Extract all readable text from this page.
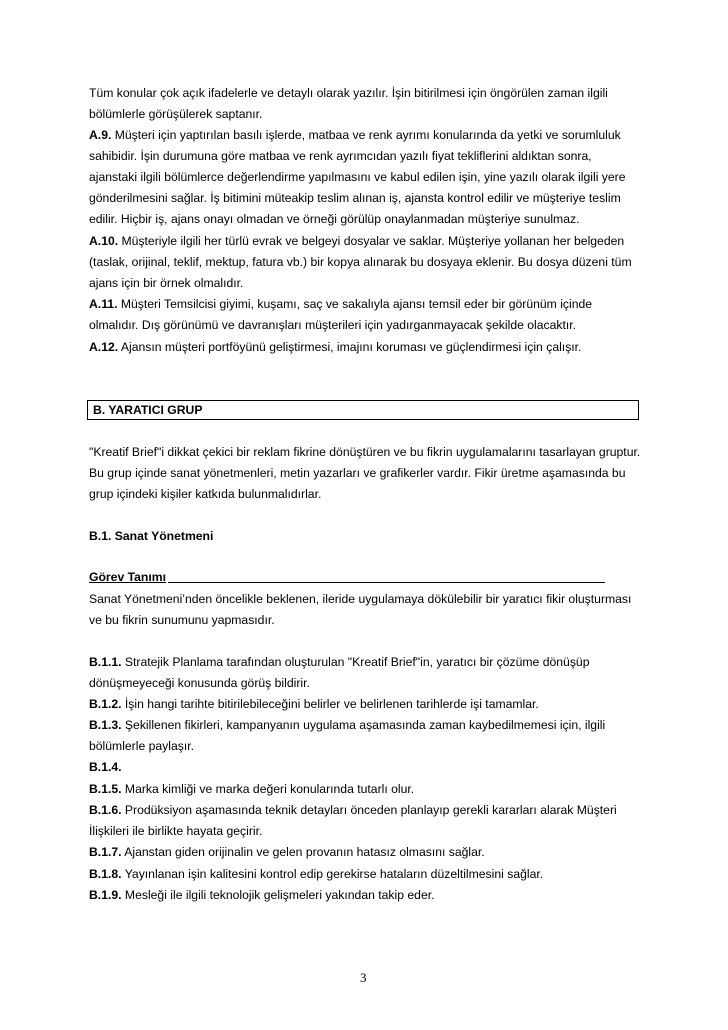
Tüm konular çok açık ifadelerle ve detaylı olarak yazılır. İşin bitirilmesi için öngörülen zaman ilgili
bölümlerle görüşülerek saptanır.
A.9. Müşteri için yaptırılan basılı işlerde, matbaa ve renk ayrımı konularında da yetki ve sorumluluk
sahibidir. İşin durumuna göre matbaa ve renk ayrımcıdan yazılı fiyat tekliflerini aldıktan sonra,
ajanstaki ilgili bölümlerce değerlendirme yapılmasını ve kabul edilen işin, yine yazılı olarak ilgili yere
gönderilmesini sağlar. İş bitimini müteakip teslim alınan iş, ajansta kontrol edilir ve müşteriye teslim
edilir. Hiçbir iş, ajans onayı olmadan ve örneği görülüp onaylanmadan müşteriye sunulmaz.
A.10. Müşteriyle ilgili her türlü evrak ve belgeyi dosyalar ve saklar. Müşteriye yollanan her belgeden
(taslak, orijinal, teklif, mektup, fatura vb.) bir kopya alınarak bu dosyaya eklenir. Bu dosya düzeni tüm
ajans için bir örnek olmalıdır.
A.11. Müşteri Temsilcisi giyimi, kuşamı, saç ve sakalıyla ajansı temsil eder bir görünüm içinde
olmalıdır. Dış görünümü ve davranışları müşterileri için yadırganmayacak şekilde olacaktır.
A.12. Ajansın müşteri portföyünü geliştirmesi, imajını koruması ve güçlendirmesi için çalışır.
B. YARATICI GRUP
"Kreatif Brief"i dikkat çekici bir reklam fikrine dönüştüren ve bu fikrin uygulamalarını tasarlayan gruptur.
Bu grup içinde sanat yönetmenleri, metin yazarları ve grafikerler vardır. Fikir üretme aşamasında bu
grup içindeki kişiler katkıda bulunmalıdırlar.
B.1. Sanat Yönetmeni
Görev Tanımı
Sanat Yönetmeni’nden öncelikle beklenen, ileride uygulamaya dökülebilir bir yaratıcı fikir oluşturması
ve bu fikrin sunumunu yapmasıdır.
B.1.1. Stratejik Planlama tarafından oluşturulan "Kreatif Brief"in, yaratıcı bir çözüme dönüşüp
dönüşmeyeceği konusunda görüş bildirir.
B.1.2. İşin hangi tarihte bitirilebileceğini belirler ve belirlenen tarihlerde işi tamamlar.
B.1.3. Şekillenen fikirleri, kampanyanın uygulama aşamasında zaman kaybedilmemesi için, ilgili
bölümlerle paylaşır.
B.1.4.
B.1.5. Marka kimliği ve marka değeri konularında tutarlı olur.
B.1.6. Prodüksiyon aşamasında teknik detayları önceden planlayıp gerekli kararları alarak Müşteri
İlişkileri ile birlikte hayata geçirir.
B.1.7. Ajanstan giden orijinalin ve gelen provanın hatasız olmasını sağlar.
B.1.8. Yayınlanan işin kalitesini kontrol edip gerekirse hataların düzeltilmesini sağlar.
B.1.9. Mesleği ile ilgili teknolojik gelişmeleri yakından takip eder.
3
